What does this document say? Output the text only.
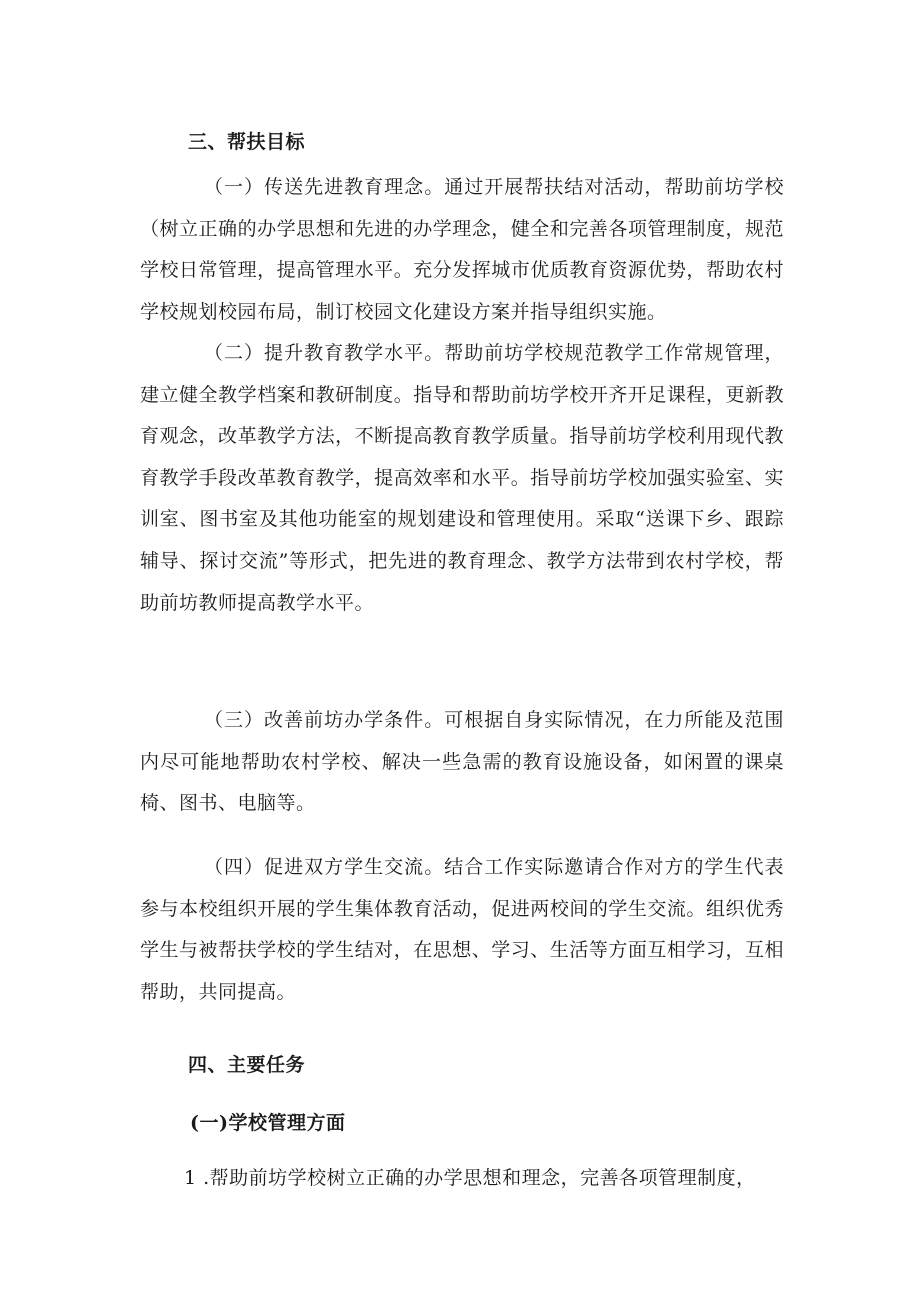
三、帮扶目标

（一）传送先进教育理念。通过开展帮扶结对活动，帮助前坊学校（树立正确的办学思想和先进的办学理念，健全和完善各项管理制度，规范学校日常管理，提高管理水平。充分发挥城市优质教育资源优势，帮助农村学校规划校园布局，制订校园文化建设方案并指导组织实施。

（二）提升教育教学水平。帮助前坊学校规范教学工作常规管理，建立健全教学档案和教研制度。指导和帮助前坊学校开齐开足课程，更新教育观念，改革教学方法，不断提高教育教学质量。指导前坊学校利用现代教育教学手段改革教育教学，提高效率和水平。指导前坊学校加强实验室、实训室、图书室及其他功能室的规划建设和管理使用。采取“送课下乡、跟踪辅导、探讨交流”等形式，把先进的教育理念、教学方法带到农村学校，帮助前坊教师提高教学水平。

（三）改善前坊办学条件。可根据自身实际情况，在力所能及范围内尽可能地帮助农村学校、解决一些急需的教育设施设备，如闲置的课桌椅、图书、电脑等。

（四）促进双方学生交流。结合工作实际邀请合作对方的学生代表参与本校组织开展的学生集体教育活动，促进两校间的学生交流。组织优秀学生与被帮扶学校的学生结对，在思想、学习、生活等方面互相学习，互相帮助，共同提高。

四、主要任务
(一)学校管理方面

1 .帮助前坊学校树立正确的办学思想和理念，完善各项管理制度，
